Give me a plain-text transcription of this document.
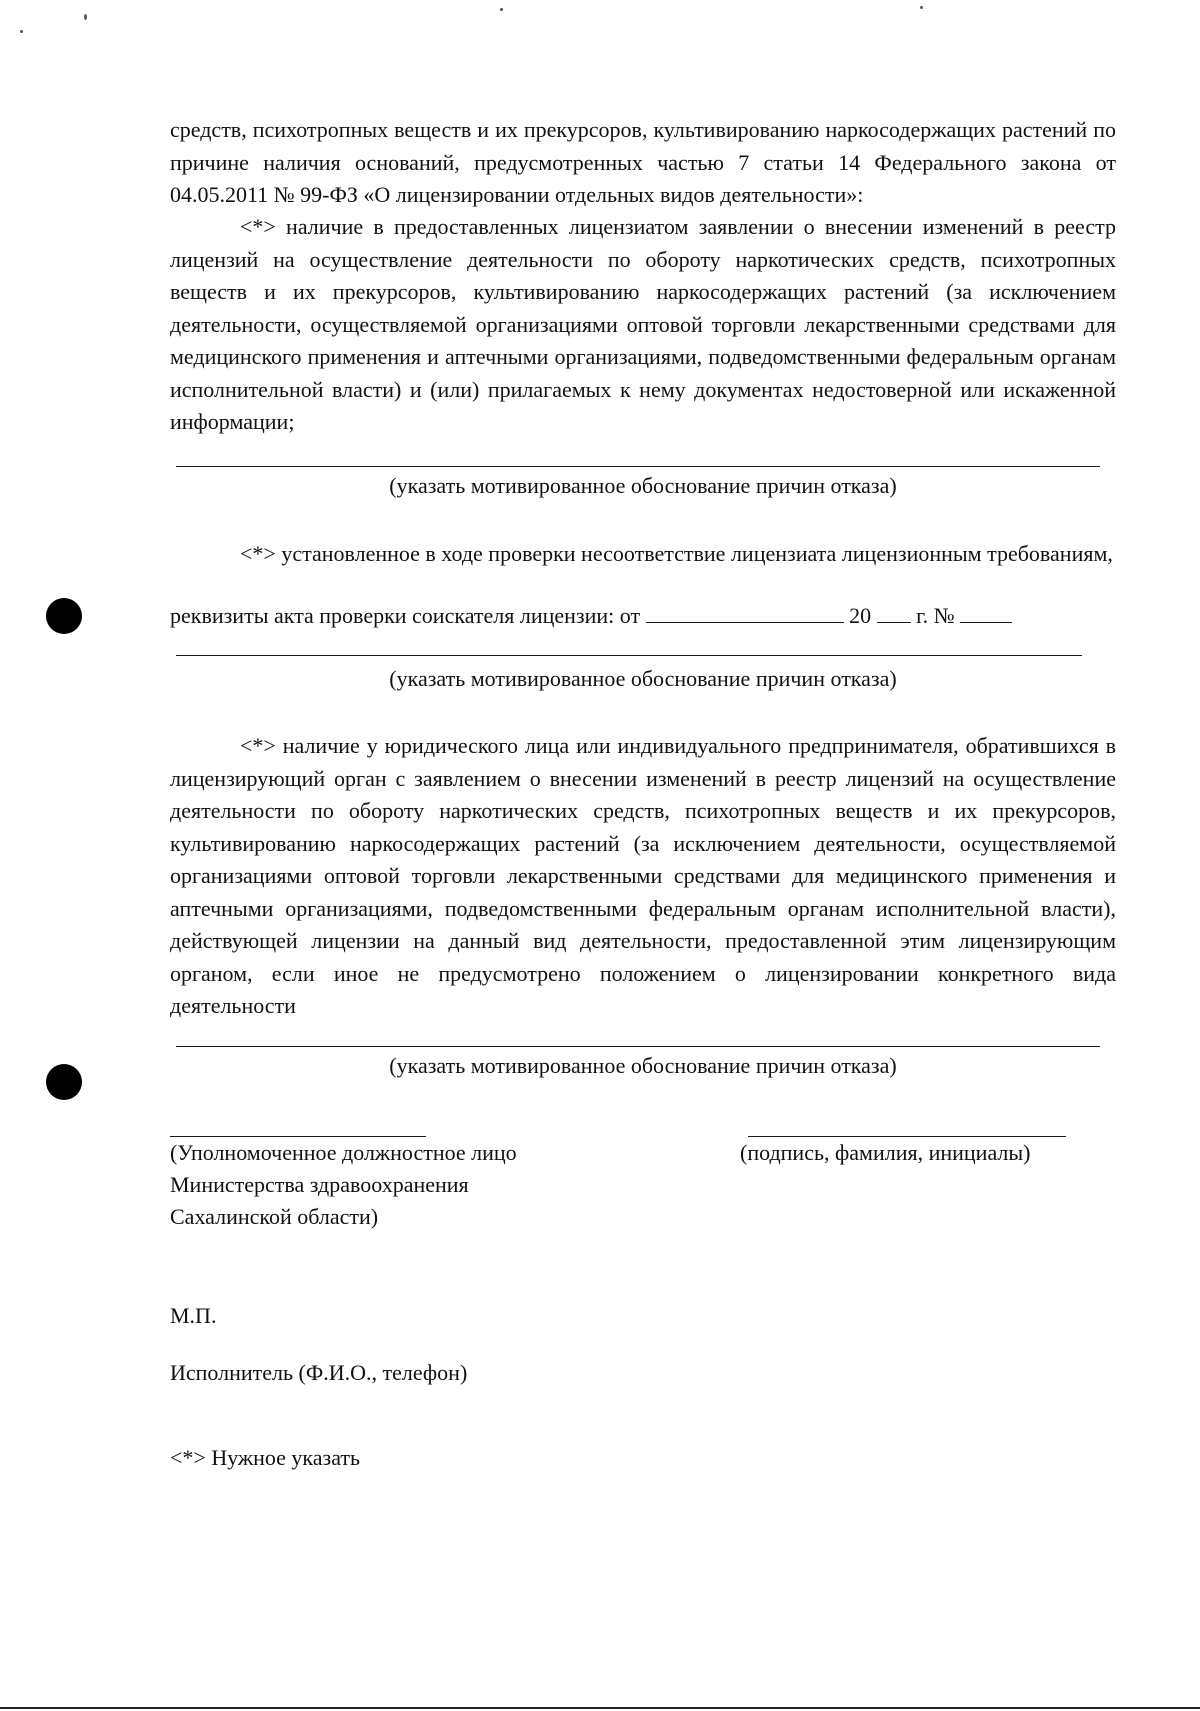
средств, психотропных веществ и их прекурсоров, культивированию наркосодержащих растений по причине наличия оснований, предусмотренных частью 7 статьи 14 Федерального закона от 04.05.2011 № 99-ФЗ «О лицензировании отдельных видов деятельности»:
<*> наличие в предоставленных лицензиатом заявлении о внесении изменений в реестр лицензий на осуществление деятельности по обороту наркотических средств, психотропных веществ и их прекурсоров, культивированию наркосодержащих растений (за исключением деятельности, осуществляемой организациями оптовой торговли лекарственными средствами для медицинского применения и аптечными организациями, подведомственными федеральным органам исполнительной власти) и (или) прилагаемых к нему документах недостоверной или искаженной информации;
(указать мотивированное обоснование причин отказа)
<*> установленное в ходе проверки несоответствие лицензиата лицензионным требованиям,
реквизиты акта проверки соискателя лицензии: от	20 г. №
(указать мотивированное обоснование причин отказа)
<*> наличие у юридического лица или индивидуального предпринимателя, обратившихся в лицензирующий орган с заявлением о внесении изменений в реестр лицензий на осуществление деятельности по обороту наркотических средств, психотропных веществ и их прекурсоров, культивированию наркосодержащих растений (за исключением деятельности, осуществляемой организациями оптовой торговли лекарственными средствами для медицинского применения и аптечными организациями, подведомственными федеральным органам исполнительной власти), действующей лицензии на данный вид деятельности, предоставленной этим лицензирующим органом, если иное не предусмотрено положением о лицензировании конкретного вида деятельности
(указать мотивированное обоснование причин отказа)
(Уполномоченное должностное лицо
Министерства здравоохранения
Сахалинской области)
(подпись, фамилия, инициалы)
М.П.
Исполнитель (Ф.И.О., телефон)
<*> Нужное указать
